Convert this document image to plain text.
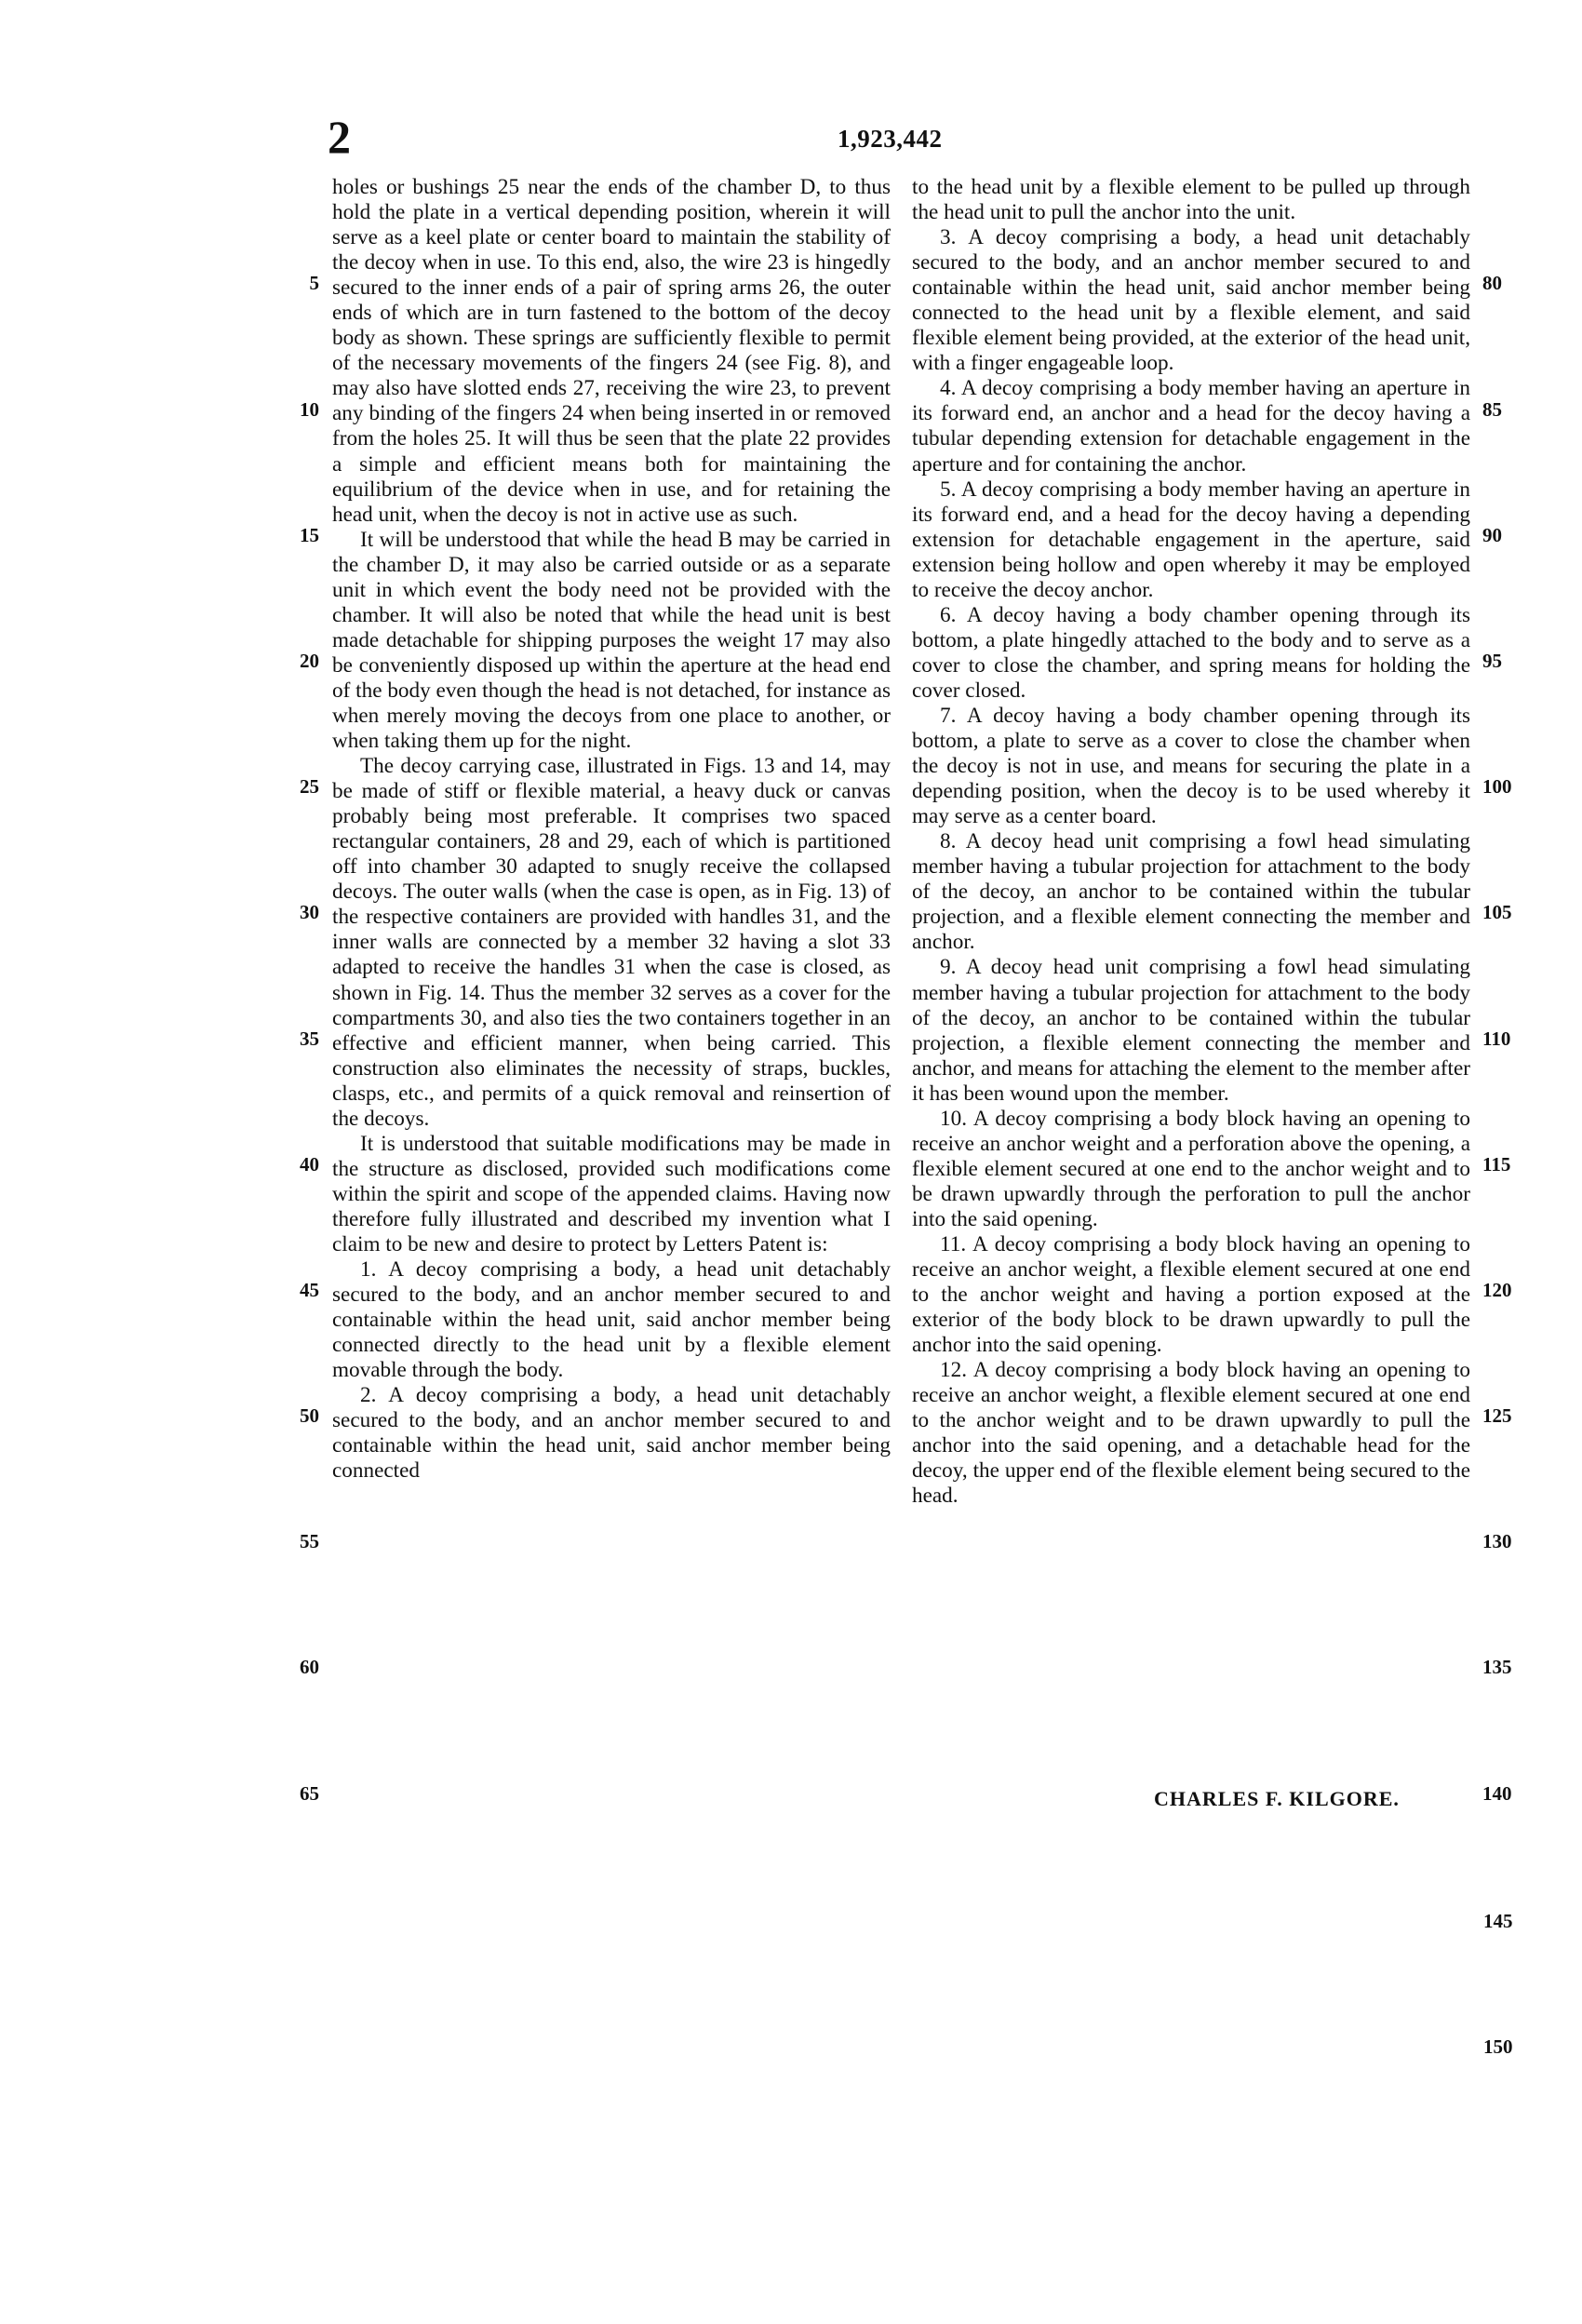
2	1,923,442

holes or bushings 25 near the ends of the chamber D, to thus hold the plate in a vertical depending position, wherein it will serve as a keel plate or center board to maintain the stability of the decoy when in use. To this end, also, the wire 23 is hingedly secured to the inner ends of a pair of spring arms 26, the outer ends of which are in turn fastened to the bottom of the decoy body as shown. These springs are sufficiently flexible to permit of the necessary movements of the fingers 24 (see Fig. 8), and may also have slotted ends 27, receiving the wire 23, to prevent any binding of the fingers 24 when being inserted in or removed from the holes 25. It will thus be seen that the plate 22 provides a simple and efficient means both for maintaining the equilibrium of the device when in use, and for retaining the head unit, when the decoy is not in active use as such.

It will be understood that while the head B may be carried in the chamber D, it may also be carried outside or as a separate unit in which event the body need not be provided with the chamber. It will also be noted that while the head unit is best made detachable for shipping purposes the weight 17 may also be conveniently disposed up within the aperture at the head end of the body even though the head is not detached, for instance as when merely moving the decoys from one place to another, or when taking them up for the night.

The decoy carrying case, illustrated in Figs. 13 and 14, may be made of stiff or flexible material, a heavy duck or canvas probably being most preferable. It comprises two spaced rectangular containers, 28 and 29, each of which is partitioned off into chamber 30 adapted to snugly receive the collapsed decoys. The outer walls (when the case is open, as in Fig. 13) of the respective containers are provided with handles 31, and the inner walls are connected by a member 32 having a slot 33 adapted to receive the handles 31 when the case is closed, as shown in Fig. 14. Thus the member 32 serves as a cover for the compartments 30, and also ties the two containers together in an effective and efficient manner, when being carried. This construction also eliminates the necessity of straps, buckles, clasps, etc., and permits of a quick removal and reinsertion of the decoys.

It is understood that suitable modifications may be made in the structure as disclosed, provided such modifications come within the spirit and scope of the appended claims. Having now therefore fully illustrated and described my invention what I claim to be new and desire to protect by Letters Patent is:

1. A decoy comprising a body, a head unit detachably secured to the body, and an anchor member secured to and containable within the head unit, said anchor member being connected directly to the head unit by a flexible element movable through the body.

2. A decoy comprising a body, a head unit detachably secured to the body, and an anchor member secured to and containable within the head unit, said anchor member being connected

to the head unit by a flexible element to be pulled up through the head unit to pull the anchor into the unit.

3. A decoy comprising a body, a head unit detachably secured to the body, and an anchor member secured to and containable within the head unit, said anchor member being connected to the head unit by a flexible element, and said flexible element being provided, at the exterior of the head unit, with a finger engageable loop.

4. A decoy comprising a body member having an aperture in its forward end, an anchor and a head for the decoy having a tubular depending extension for detachable engagement in the aperture and for containing the anchor.

5. A decoy comprising a body member having an aperture in its forward end, and a head for the decoy having a depending extension for detachable engagement in the aperture, said extension being hollow and open whereby it may be employed to receive the decoy anchor.

6. A decoy having a body chamber opening through its bottom, a plate hingedly attached to the body and to serve as a cover to close the chamber, and spring means for holding the cover closed.

7. A decoy having a body chamber opening through its bottom, a plate to serve as a cover to close the chamber when the decoy is not in use, and means for securing the plate in a depending position, when the decoy is to be used whereby it may serve as a center board.

8. A decoy head unit comprising a fowl head simulating member having a tubular projection for attachment to the body of the decoy, an anchor to be contained within the tubular projection, and a flexible element connecting the member and anchor.

9. A decoy head unit comprising a fowl head simulating member having a tubular projection for attachment to the body of the decoy, an anchor to be contained within the tubular projection, a flexible element connecting the member and anchor, and means for attaching the element to the member after it has been wound upon the member.

10. A decoy comprising a body block having an opening to receive an anchor weight and a perforation above the opening, a flexible element secured at one end to the anchor weight and to be drawn upwardly through the perforation to pull the anchor into the said opening.

11. A decoy comprising a body block having an opening to receive an anchor weight, a flexible element secured at one end to the anchor weight and having a portion exposed at the exterior of the body block to be drawn upwardly to pull the anchor into the said opening.

12. A decoy comprising a body block having an opening to receive an anchor weight, a flexible element secured at one end to the anchor weight and to be drawn upwardly to pull the anchor into the said opening, and a detachable head for the decoy, the upper end of the flexible element being secured to the head.

5
10
15
20
25
30
35
40
45
50
55
60
65
80
85
90
95
100
105
110
115
120
125
130
135
140
CHARLES F. KILGORE.
145
150
